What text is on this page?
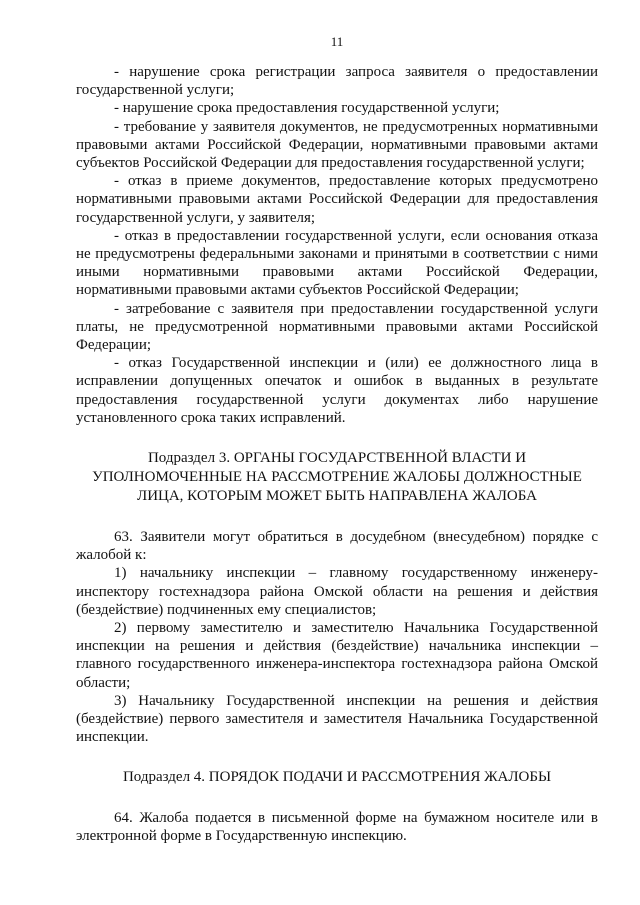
11

- нарушение срока регистрации запроса заявителя о предоставлении государственной услуги;

- нарушение срока предоставления государственной услуги;

- требование у заявителя документов, не предусмотренных нормативными правовыми актами Российской Федерации, нормативными правовыми актами субъектов Российской Федерации для предоставления государственной услуги;

- отказ в приеме документов, предоставление которых предусмотрено нормативными правовыми актами Российской Федерации для предоставления государственной услуги, у заявителя;

- отказ в предоставлении государственной услуги, если основания отказа не предусмотрены федеральными законами и принятыми в соответствии с ними иными нормативными правовыми актами Российской Федерации, нормативными правовыми актами субъектов Российской Федерации;

- затребование с заявителя при предоставлении государственной услуги платы, не предусмотренной нормативными правовыми актами Российской Федерации;

- отказ Государственной инспекции и (или) ее должностного лица в исправлении допущенных опечаток и ошибок в выданных в результате предоставления государственной услуги документах либо нарушение установленного срока таких исправлений.

Подраздел 3. ОРГАНЫ ГОСУДАРСТВЕННОЙ ВЛАСТИ И УПОЛНОМОЧЕННЫЕ НА РАССМОТРЕНИЕ ЖАЛОБЫ ДОЛЖНОСТНЫЕ ЛИЦА, КОТОРЫМ МОЖЕТ БЫТЬ НАПРАВЛЕНА ЖАЛОБА

63. Заявители могут обратиться в досудебном (внесудебном) порядке с жалобой к:

1) начальнику инспекции – главному государственному инженеру-инспектору гостехнадзора района Омской области на решения и действия (бездействие) подчиненных ему специалистов;

2) первому заместителю и заместителю Начальника Государственной инспекции на решения и действия (бездействие) начальника инспекции – главного государственного инженера-инспектора гостехнадзора района Омской области;

3) Начальнику Государственной инспекции на решения и действия (бездействие) первого заместителя и заместителя Начальника Государственной инспекции.

Подраздел 4. ПОРЯДОК ПОДАЧИ И РАССМОТРЕНИЯ ЖАЛОБЫ

64. Жалоба подается в письменной форме на бумажном носителе или в электронной форме в Государственную инспекцию.
